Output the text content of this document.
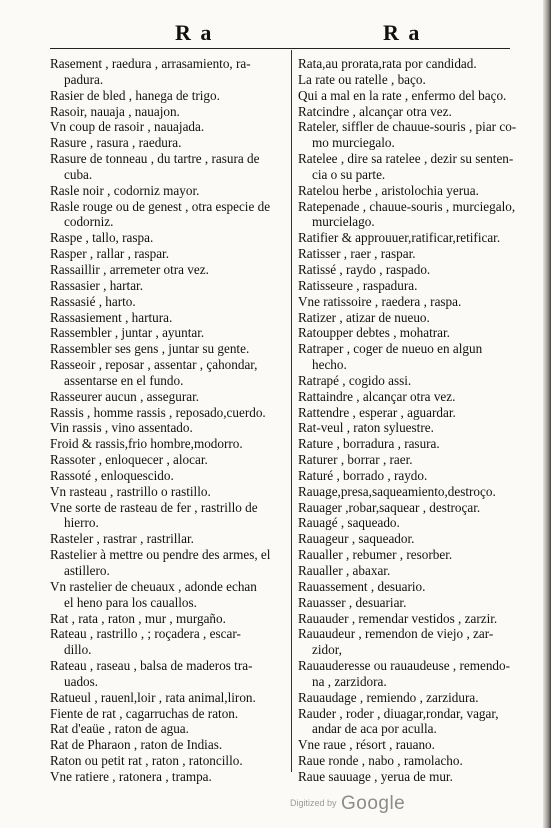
R a	R a
Rasement , raedura , arrasamiento, ra-
padura.
Rasier de bled , hanega de trigo.
Rasoir, nauaja , nauajon.
Vn coup de rasoir , nauajada.
Rasure , rasura , raedura.
Rasure de tonneau , du tartre , rasura de
cuba.
Rasle noir , codorniz mayor.
Rasle rouge ou de genest , otra especie de
codorniz.
Raspe , tallo, raspa.
Rasper , rallar , raspar.
Rassaillir , arremeter otra vez.
Rassasier , hartar.
Rassasié , harto.
Rassasiement , hartura.
Rassembler , juntar , ayuntar.
Rassembler ses gens , juntar su gente.
Rasseoir , reposar , assentar , çahondar,
assentarse en el fundo.
Rasseurer aucun , assegurar.
Rassis , homme rassis , reposado,cuerdo.
Vin rassis , vino assentado.
Froid & rassis,frio hombre,modorro.
Rassoter , enloquecer , alocar.
Rassoté , enloquescido.
Vn rasteau , rastrillo o rastillo.
Vne sorte de rasteau de fer , rastrillo de
hierro.
Rasteler , rastrar , rastrillar.
Rastelier à mettre ou pendre des armes, el
astillero.
Vn rastelier de cheuaux , adonde echan
el heno para los cauallos.
Rat , rata , raton , mur , murgaño.
Rateau , rastrillo , ; roçadera , escar-
dillo.
Rateau , raseau , balsa de maderos tra-
uados.
Ratueul , rauenl,loir , rata animal,liron.
Fiente de rat , cagarruchas de raton.
Rat d'eaüe , raton de agua.
Rat de Pharaon , raton de Indias.
Raton ou petit rat , raton , ratoncillo.
Vne ratiere , ratonera , trampa.
Rata,au prorata,rata por candidad.
La rate ou ratelle , baço.
Qui a mal en la rate , enfermo del baço.
Ratcindre , alcançar otra vez.
Rateler, siffler de chauue-souris , piar co-
mo murciegalo.
Ratelee , dire sa ratelee , dezir su senten-
cia o su parte.
Ratelou herbe , aristolochia yerua.
Ratepenade , chauue-souris , murciegalo,
murcielago.
Ratifier & approuuer,ratificar,retificar.
Ratisser , raer , raspar.
Ratissé , raydo , raspado.
Ratisseure , raspadura.
Vne ratissoire , raedera , raspa.
Ratizer , atizar de nueuo.
Ratoupper debtes , mohatrar.
Ratraper , coger de nueuo en algun
hecho.
Ratrapé , cogido assi.
Rattaindre , alcançar otra vez.
Rattendre , esperar , aguardar.
Rat-veul , raton syluestre.
Rature , borradura , rasura.
Raturer , borrar , raer.
Raturé , borrado , raydo.
Rauage,presa,saqueamiento,destroço.
Rauager ,robar,saquear , destroçar.
Rauagé , saqueado.
Rauageur , saqueador.
Raualler , rebumer , resorber.
Raualler , abaxar.
Rauassement , desuario.
Rauasser , desuariar.
Rauauder , remendar vestidos , zarzir.
Rauaudeur , remendon de viejo , zar-
zidor,
Rauauderesse ou rauaudeuse , remendo-
na , zarzidora.
Rauaudage , remiendo , zarzidura.
Rauder , roder , diuagar,rondar, vagar,
andar de aca por aculla.
Vne raue , résort , rauano.
Raue ronde , nabo , ramolacho.
Raue sauuage , yerua de mur.
Digitized by Google
